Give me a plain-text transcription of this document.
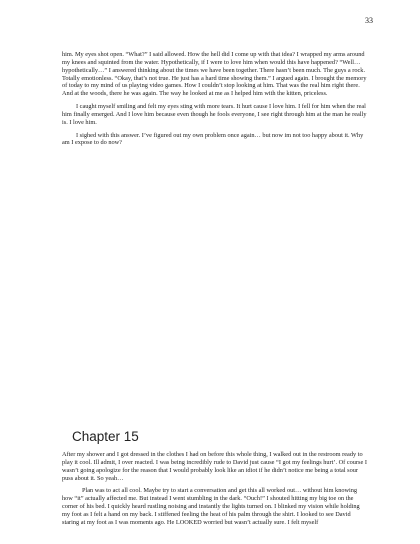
33

him. My eyes shot open. “What?” I said allowed. How the hell did I come up with that idea? I wrapped my arms around my knees and squinted from the water. Hypothetically, if I were to love him when would this have happened? “Well… hypothetically…” I answered thinking about the times we have been together. There hasn’t been much. The guys a rock. Totally emotionless. “Okay, that’s not true. He just has a hard time showing them.” I argued again. I brought the memory of today to my mind of us playing video games. How I couldn’t stop looking at him. That was the real him right there. And at the woods, there he was again. The way he looked at me as I helped him with the kitten, priceless.

I caught myself smiling and felt my eyes sting with more tears. It hurt cause I love him. I fell for him when the real him finally emerged. And I love him because even though he fools everyone, I see right through him at the man he really is. I love him.

I sighed with this answer. I’ve figured out my own problem once again… but now im not too happy about it. Why am I expose to do now?

Chapter 15

After my shower and I got dressed in the clothes I had on before this whole thing, I walked out in the restroom ready to play it cool. Ill admit, I over reacted. I was being incredibly rude to David just cause “I got my feelings hurt’. Of course I wasn’t going apologize for the reason that I would probably look like an idiot if he didn’t notice me being a total sour puss about it. So yeah…

Plan was to act all cool. Maybe try to start a conversation and get this all worked out… without him knowing how “it” actually affected me. But instead I went stumbling in the dark. “Ouch!” I shouted hitting my big toe on the corner of his bed. I quickly heard rustling noising and instantly the lights turned on. I blinked my vision while holding my foot as I felt a hand on my back. I stiffened feeling the heat of his palm through the shirt. I looked to see David staring at my foot as I was moments ago. He LOOKED worried but wasn’t actually sure. I felt myself
